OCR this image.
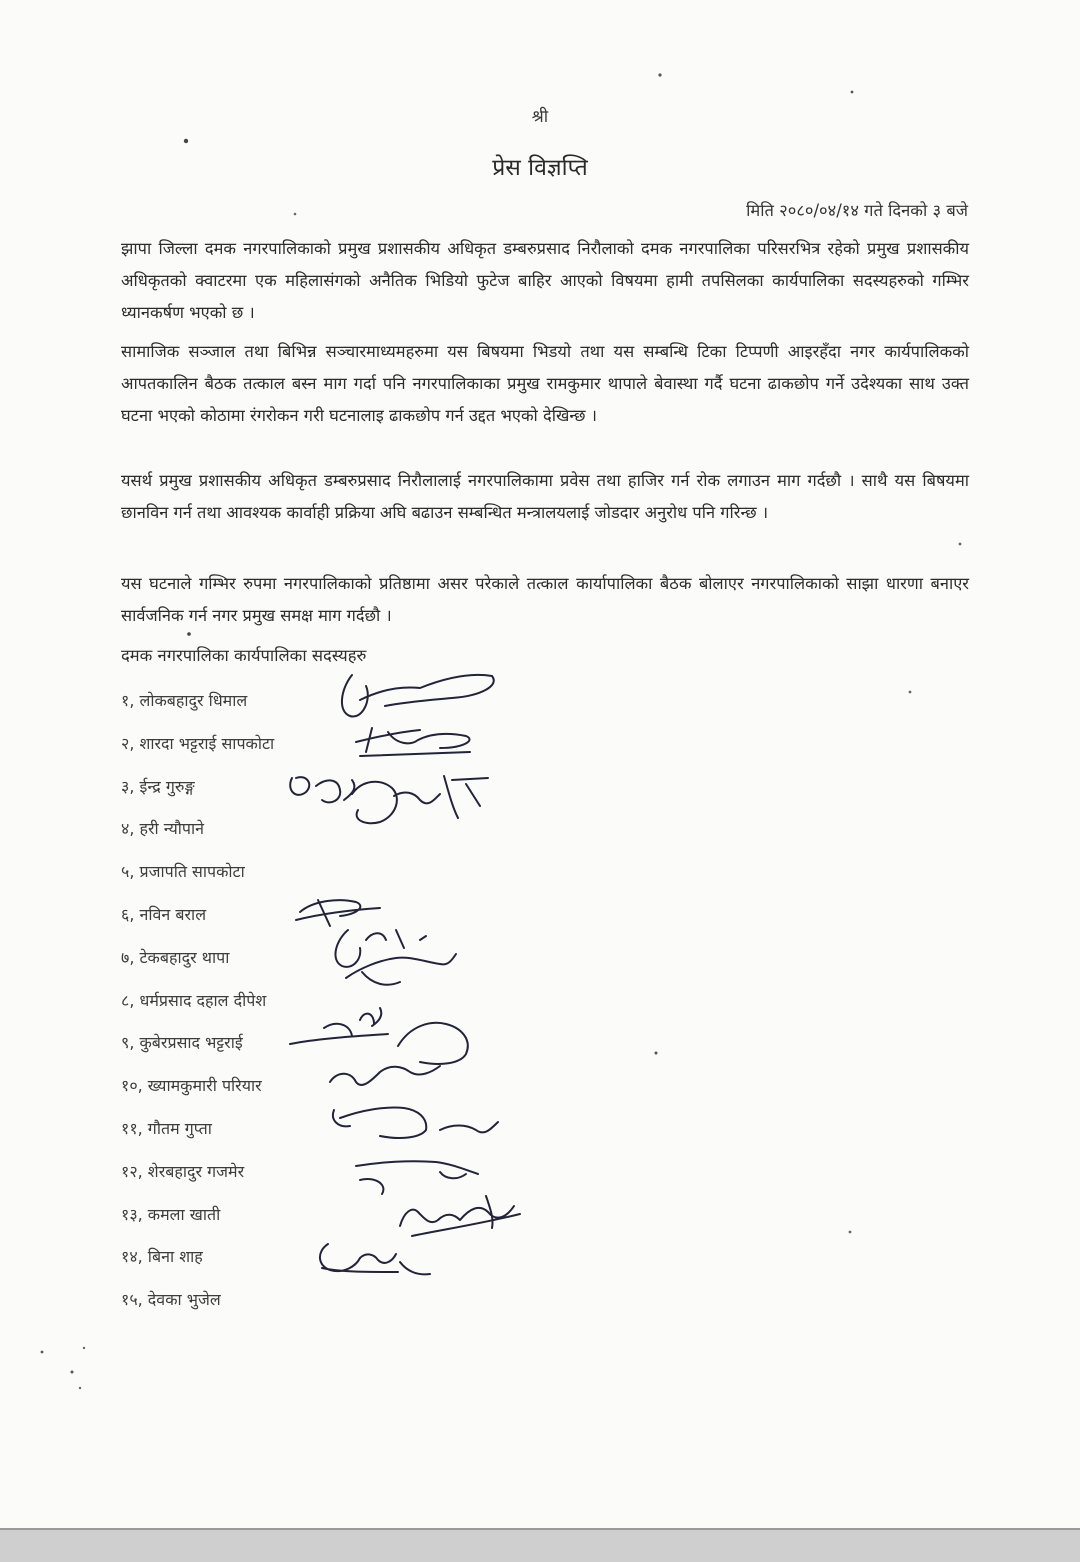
श्री
प्रेस विज्ञप्ति
मिति २०८०/०४/१४ गते दिनको ३ बजे
झापा जिल्ला दमक नगरपालिकाको प्रमुख प्रशासकीय अधिकृत डम्बरुप्रसाद निरौलाको दमक नगरपालिका परिसरभित्र रहेको प्रमुख प्रशासकीय अधिकृतको क्वाटरमा एक महिलासंगको अनैतिक भिडियो फुटेज बाहिर आएको विषयमा हामी तपसिलका कार्यपालिका सदस्यहरुको गम्भिर ध्यानकर्षण भएको छ ।
सामाजिक सञ्जाल तथा बिभिन्न सञ्चारमाध्यमहरुमा यस बिषयमा भिडयो तथा यस सम्बन्धि टिका टिप्पणी आइरहँदा नगर कार्यपालिकको आपतकालिन बैठक तत्काल बस्न माग गर्दा पनि नगरपालिकाका प्रमुख रामकुमार थापाले बेवास्था गर्दै घटना ढाकछोप गर्ने उदेश्यका साथ उक्त घटना भएको कोठामा रंगरोकन गरी घटनालाइ ढाकछोप गर्न उद्दत भएको देखिन्छ ।
यसर्थ प्रमुख प्रशासकीय अधिकृत डम्बरुप्रसाद निरौलालाई नगरपालिकामा प्रवेस तथा हाजिर गर्न रोक लगाउन माग गर्दछौ । साथै यस बिषयमा छानविन गर्न तथा आवश्यक कार्वाही प्रक्रिया अघि बढाउन सम्बन्धित मन्त्रालयलाई जोडदार अनुरोध पनि गरिन्छ ।
यस घटनाले गम्भिर रुपमा नगरपालिकाको प्रतिष्ठामा असर परेकाले तत्काल कार्यापालिका बैठक बोलाएर नगरपालिकाको साझा धारणा बनाएर सार्वजनिक गर्न नगर प्रमुख समक्ष माग गर्दछौ ।
दमक नगरपालिका कार्यपालिका सदस्यहरु
१, लोकबहादुर धिमाल
२, शारदा भट्टराई सापकोटा
३, ईन्द्र गुरुङ्ग
४, हरी न्यौपाने
५, प्रजापति सापकोटा
६, नविन बराल
७, टेकबहादुर थापा
८, धर्मप्रसाद दहाल दीपेश
९, कुबेरप्रसाद भट्टराई
१०, ख्यामकुमारी परियार
११, गौतम गुप्ता
१२, शेरबहादुर गजमेर
१३, कमला खाती
१४, बिना शाह
१५, देवका भुजेल
